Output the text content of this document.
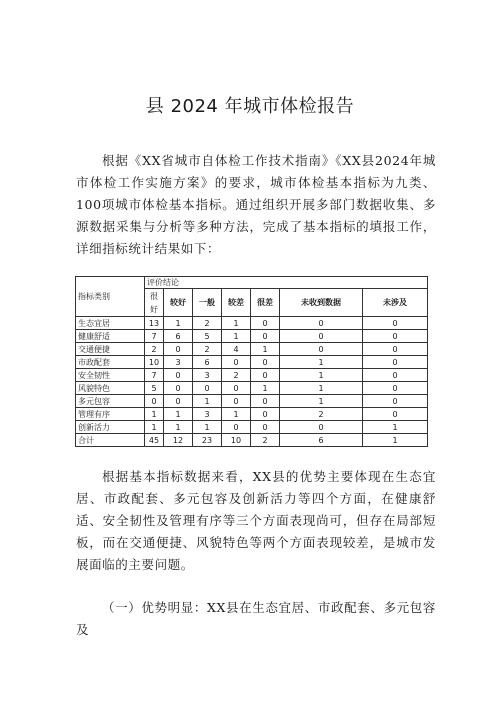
县 2024 年城市体检报告

根据《XX省城市自体检工作技术指南》《XX县2024年城市体检工作实施方案》的要求，城市体检基本指标为九类、100项城市体检基本指标。通过组织开展多部门数据收集、多源数据采集与分析等多种方法，完成了基本指标的填报工作，详细指标统计结果如下：

指标类别	评价结论						
	很好	较好	一般	较差	很差	未收到数据	未涉及
生态宜居	13	1	2	1	0	0	0
健康舒适	7	6	5	1	0	0	0
交通便捷	2	0	2	4	1	0	0
市政配套	10	3	6	0	0	1	0
安全韧性	7	0	3	2	0	1	0
风貌特色	5	0	0	0	1	1	0
多元包容	0	0	1	0	0	1	0
管理有序	1	1	3	1	0	2	0
创新活力	1	1	1	0	0	0	1
合计	45	12	23	10	2	6	1

根据基本指标数据来看，XX县的优势主要体现在生态宜居、市政配套、多元包容及创新活力等四个方面，在健康舒适、安全韧性及管理有序等三个方面表现尚可，但存在局部短板，而在交通便捷、风貌特色等两个方面表现较差，是城市发展面临的主要问题。

（一）优势明显：XX县在生态宜居、市政配套、多元包容及
